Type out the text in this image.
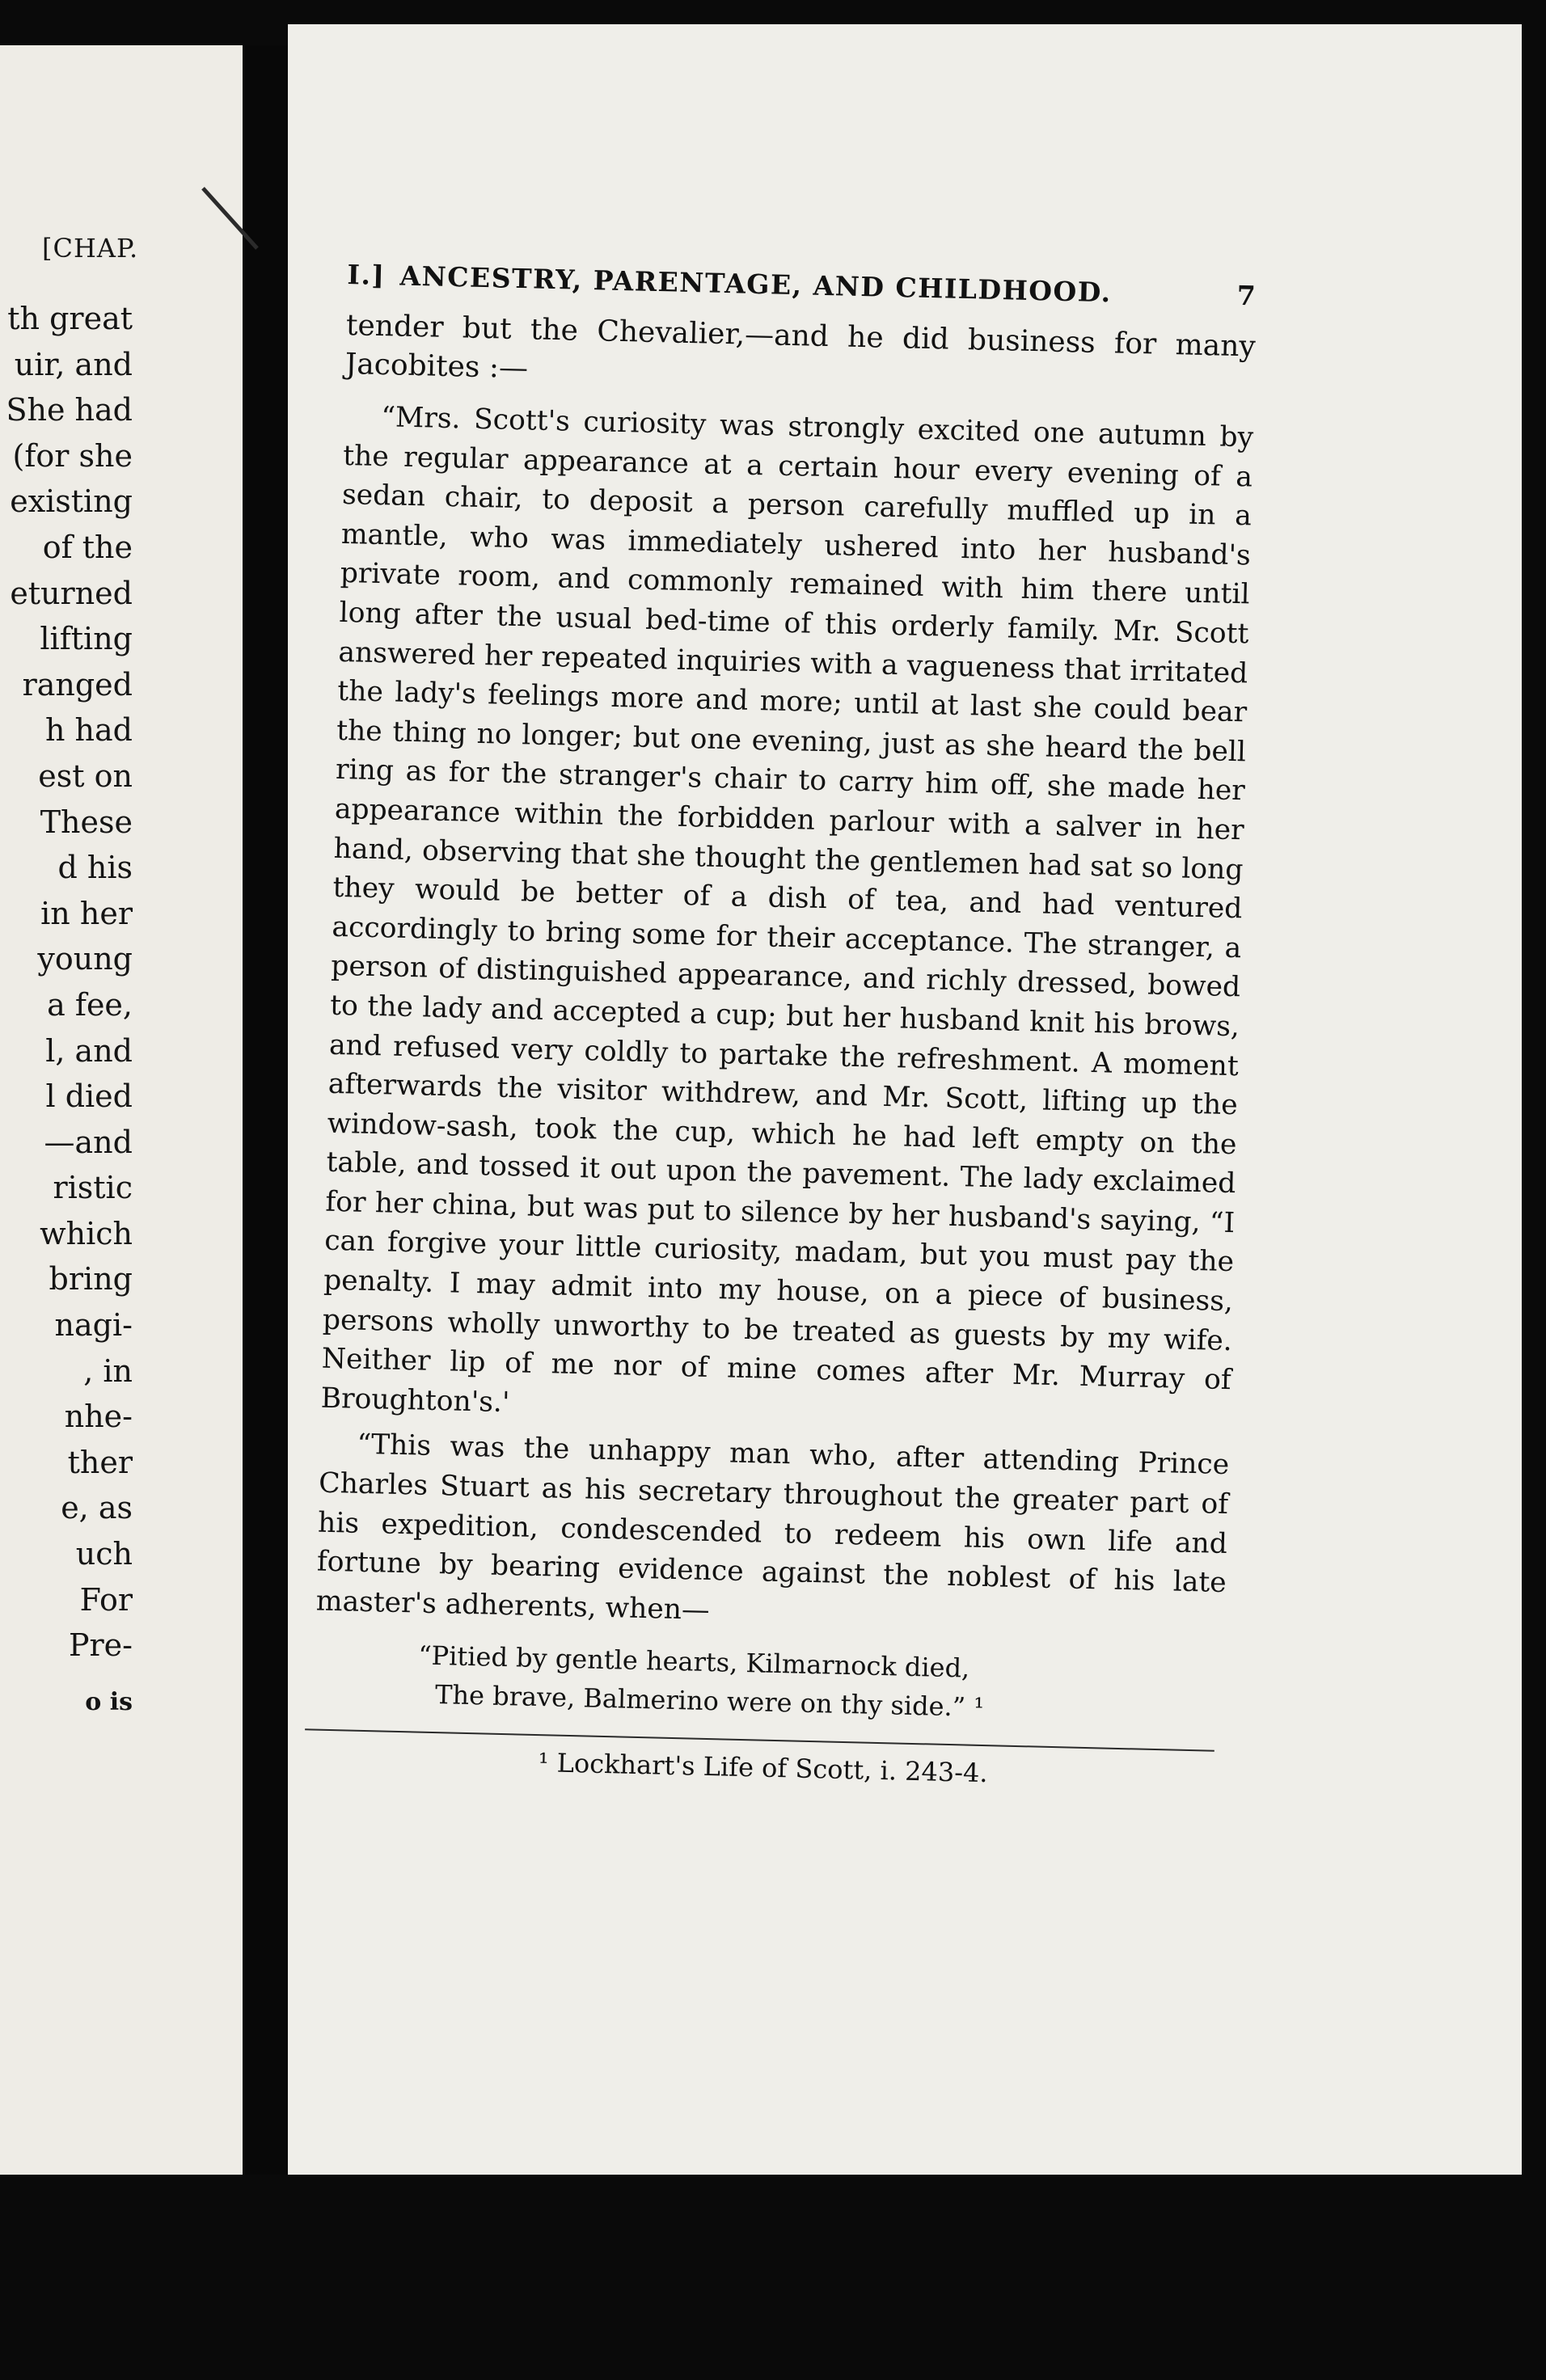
[CHAP.
th great
uir, and
She had
(for she
existing
of the
eturned
lifting
ranged
h had
est on
These
d his
in her
young
a fee,
l, and
l died
—and
ristic
which
bring
nagi-
, in
nhe-
ther
e, as
uch
For
Pre-
o is
I.] ANCESTRY, PARENTAGE, AND CHILDHOOD.	7

tender but the Chevalier,—and he did business for many Jacobites :—

“Mrs. Scott's curiosity was strongly excited one autumn by the regular appearance at a certain hour every evening of a sedan chair, to deposit a person carefully muffled up in a mantle, who was immediately ushered into her husband's private room, and commonly remained with him there until long after the usual bed-time of this orderly family. Mr. Scott answered her repeated inquiries with a vagueness that irritated the lady's feelings more and more; until at last she could bear the thing no longer; but one evening, just as she heard the bell ring as for the stranger's chair to carry him off, she made her appearance within the forbidden parlour with a salver in her hand, observing that she thought the gentlemen had sat so long they would be better of a dish of tea, and had ventured accordingly to bring some for their acceptance. The stranger, a person of distinguished appearance, and richly dressed, bowed to the lady and accepted a cup; but her husband knit his brows, and refused very coldly to partake the refreshment. A moment afterwards the visitor withdrew, and Mr. Scott, lifting up the window-sash, took the cup, which he had left empty on the table, and tossed it out upon the pavement. The lady exclaimed for her china, but was put to silence by her husband's saying, “I can forgive your little curiosity, madam, but you must pay the penalty. I may admit into my house, on a piece of business, persons wholly unworthy to be treated as guests by my wife. Neither lip of me nor of mine comes after Mr. Murray of Broughton's.'

“This was the unhappy man who, after attending Prince Charles Stuart as his secretary throughout the greater part of his expedition, condescended to redeem his own life and fortune by bearing evidence against the noblest of his late master's adherents, when—

“Pitied by gentle hearts, Kilmarnock died,
The brave, Balmerino were on thy side.” ¹
¹ Lockhart's Life of Scott, i. 243-4.
